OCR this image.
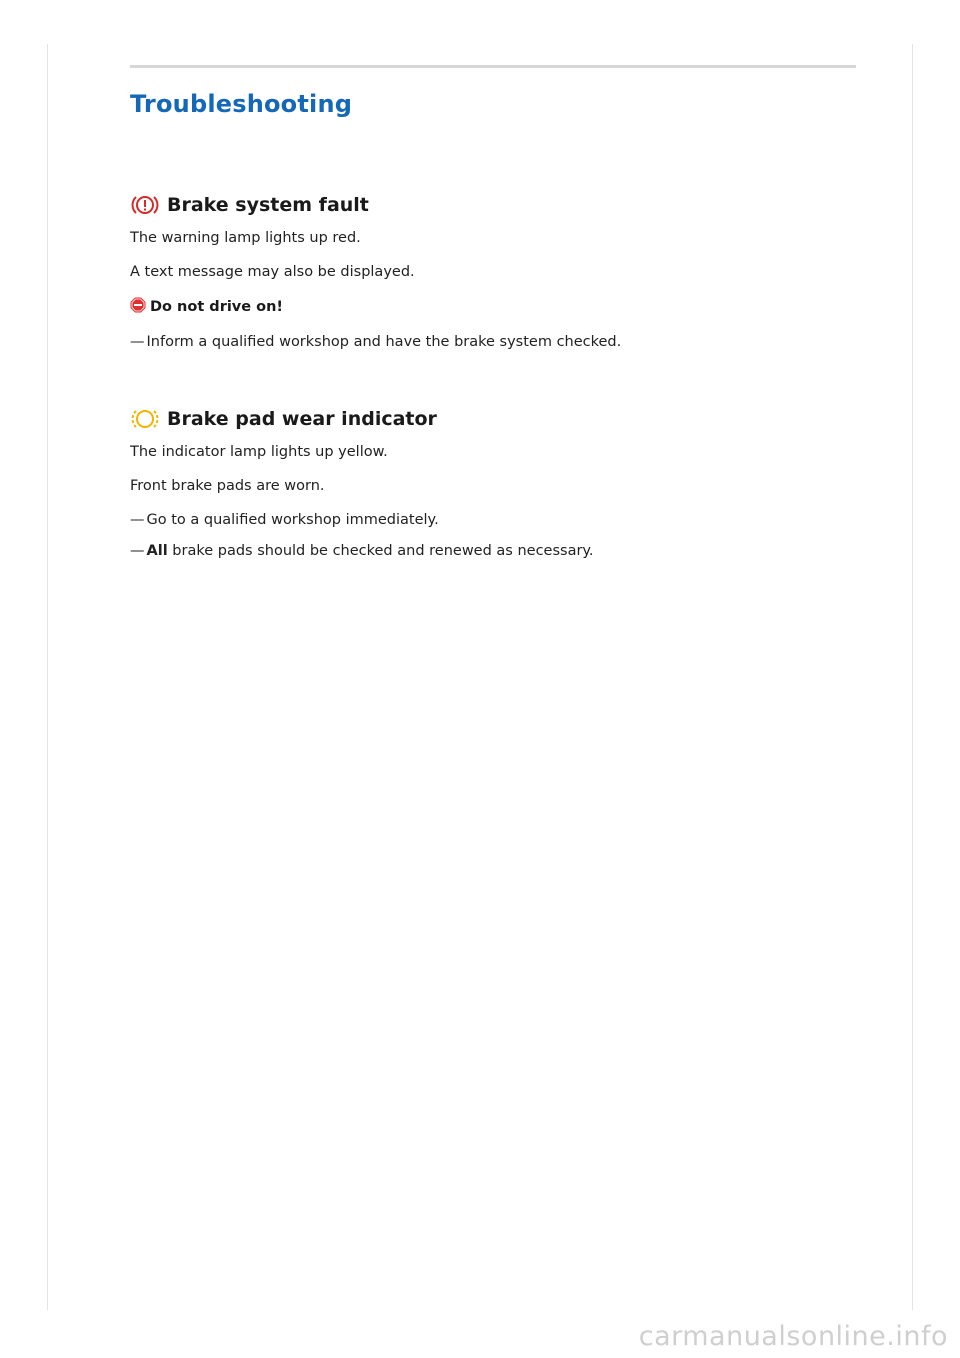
Troubleshooting
Brake system fault

The warning lamp lights up red.

A text message may also be displayed.

Do not drive on!
— Inform a qualified workshop and have the brake system checked.
Brake pad wear indicator

The indicator lamp lights up yellow.

Front brake pads are worn.

— Go to a qualified workshop immediately.
— All brake pads should be checked and renewed as necessary.
carmanualsonline.info
